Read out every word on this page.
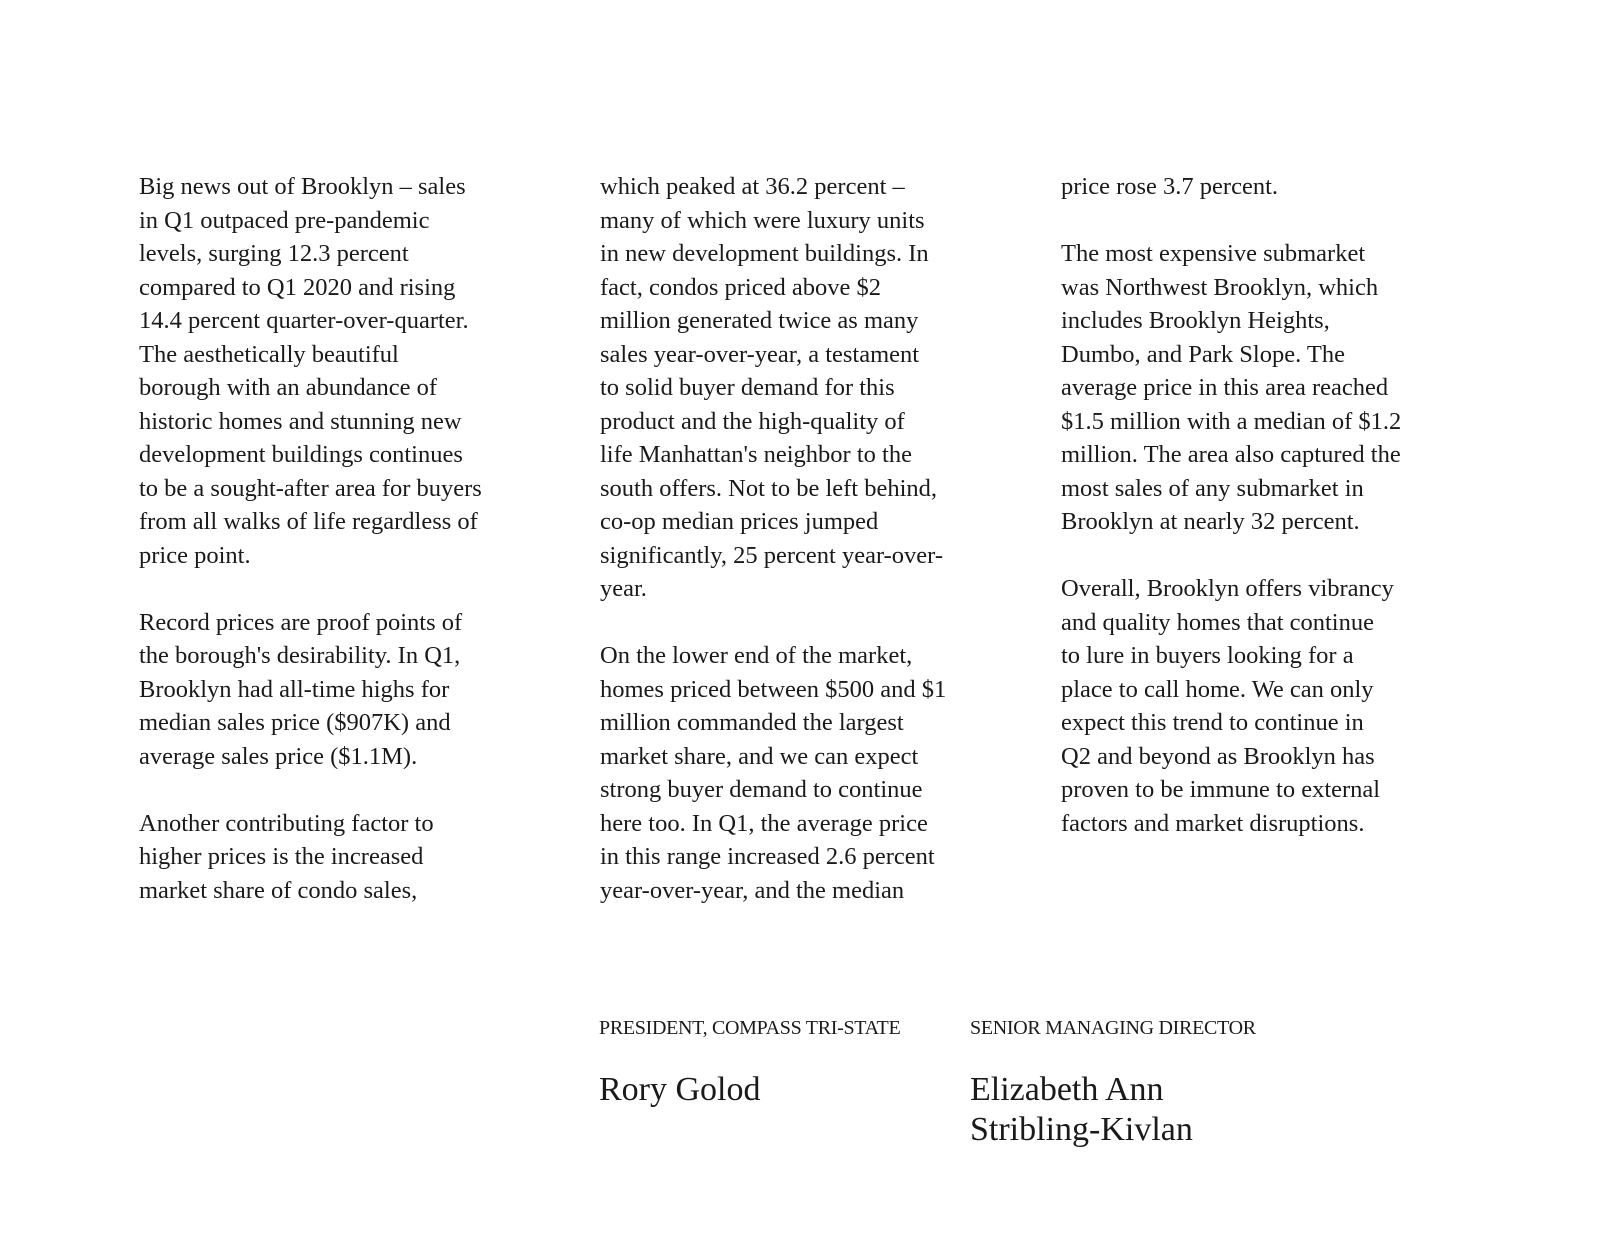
Big news out of Brooklyn – sales
in Q1 outpaced pre-pandemic
levels, surging 12.3 percent
compared to Q1 2020 and rising
14.4 percent quarter-over-quarter.
The aesthetically beautiful
borough with an abundance of
historic homes and stunning new
development buildings continues
to be a sought-after area for buyers
from all walks of life regardless of
price point.

Record prices are proof points of
the borough's desirability. In Q1,
Brooklyn had all-time highs for
median sales price ($907K) and
average sales price ($1.1M).

Another contributing factor to
higher prices is the increased
market share of condo sales,

which peaked at 36.2 percent –
many of which were luxury units
in new development buildings. In
fact, condos priced above $2
million generated twice as many
sales year-over-year, a testament
to solid buyer demand for this
product and the high-quality of
life Manhattan's neighbor to the
south offers. Not to be left behind,
co-op median prices jumped
significantly, 25 percent year-over-
year.

On the lower end of the market,
homes priced between $500 and $1
million commanded the largest
market share, and we can expect
strong buyer demand to continue
here too. In Q1, the average price
in this range increased 2.6 percent
year-over-year, and the median

price rose 3.7 percent.

The most expensive submarket
was Northwest Brooklyn, which
includes Brooklyn Heights,
Dumbo, and Park Slope. The
average price in this area reached
$1.5 million with a median of $1.2
million. The area also captured the
most sales of any submarket in
Brooklyn at nearly 32 percent.

Overall, Brooklyn offers vibrancy
and quality homes that continue
to lure in buyers looking for a
place to call home. We can only
expect this trend to continue in
Q2 and beyond as Brooklyn has
proven to be immune to external
factors and market disruptions.

PRESIDENT, COMPASS TRI-STATE

Rory Golod

SENIOR MANAGING DIRECTOR

Elizabeth Ann
Stribling-Kivlan
